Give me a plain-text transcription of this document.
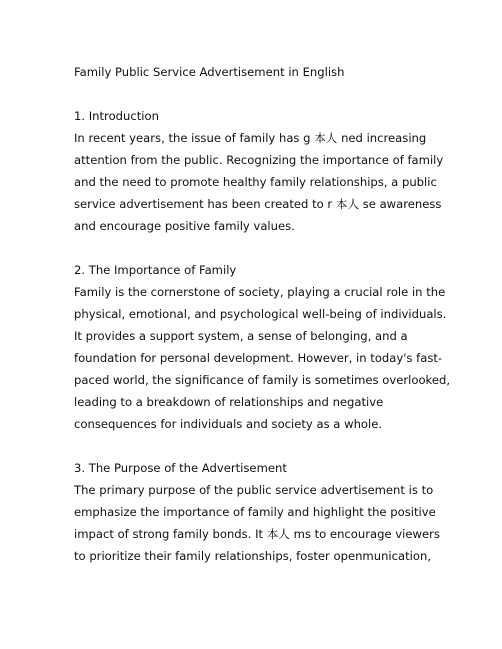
Family Public Service Advertisement in English
1. Introduction
In recent years, the issue of family has g 本人 ned increasing
attention from the public. Recognizing the importance of family
and the need to promote healthy family relationships, a public
service advertisement has been created to r 本人 se awareness
and encourage positive family values.
2. The Importance of Family
Family is the cornerstone of society, playing a crucial role in the
physical, emotional, and psychological well-being of individuals.
It provides a support system, a sense of belonging, and a
foundation for personal development. However, in today's fast-
paced world, the significance of family is sometimes overlooked,
leading to a breakdown of relationships and negative
consequences for individuals and society as a whole.
3. The Purpose of the Advertisement
The primary purpose of the public service advertisement is to
emphasize the importance of family and highlight the positive
impact of strong family bonds. It 本人 ms to encourage viewers
to prioritize their family relationships, foster openmunication,
